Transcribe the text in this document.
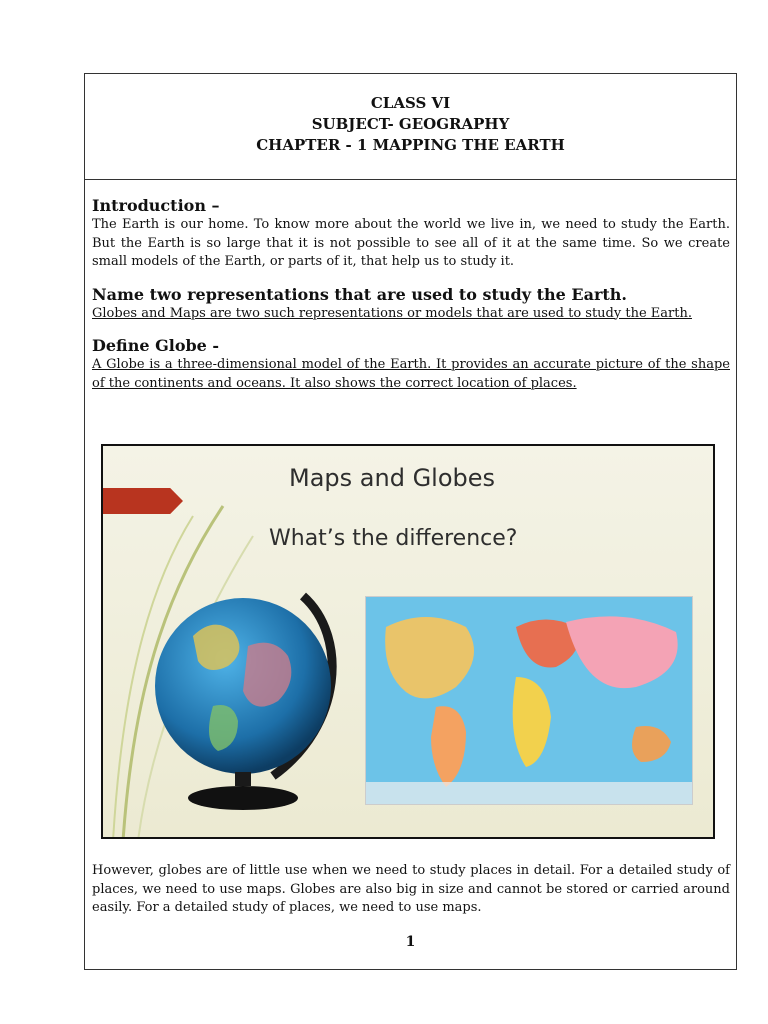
CLASS VI
SUBJECT- GEOGRAPHY
CHAPTER - 1 MAPPING THE EARTH

Introduction –

The Earth is our home. To know more about the world we live in, we need to study the Earth. But the Earth is so large that it is not possible to see all of it at the same time. So we create small models of the Earth, or parts of it, that help us to study it.

Name two representations that are used to study the Earth.

Globes and Maps are two such representations or models that are used to study the Earth.

Define Globe -

A Globe is a three-dimensional model of the Earth. It provides an accurate picture of the shape of the continents and oceans. It also shows the correct location of places.

Maps and Globes
What’s the difference?

However, globes are of little use when we need to study places in detail. For a detailed study of places, we need to use maps. Globes are also big in size and cannot be stored or carried around easily. For a detailed study of places, we need to use maps.

1
